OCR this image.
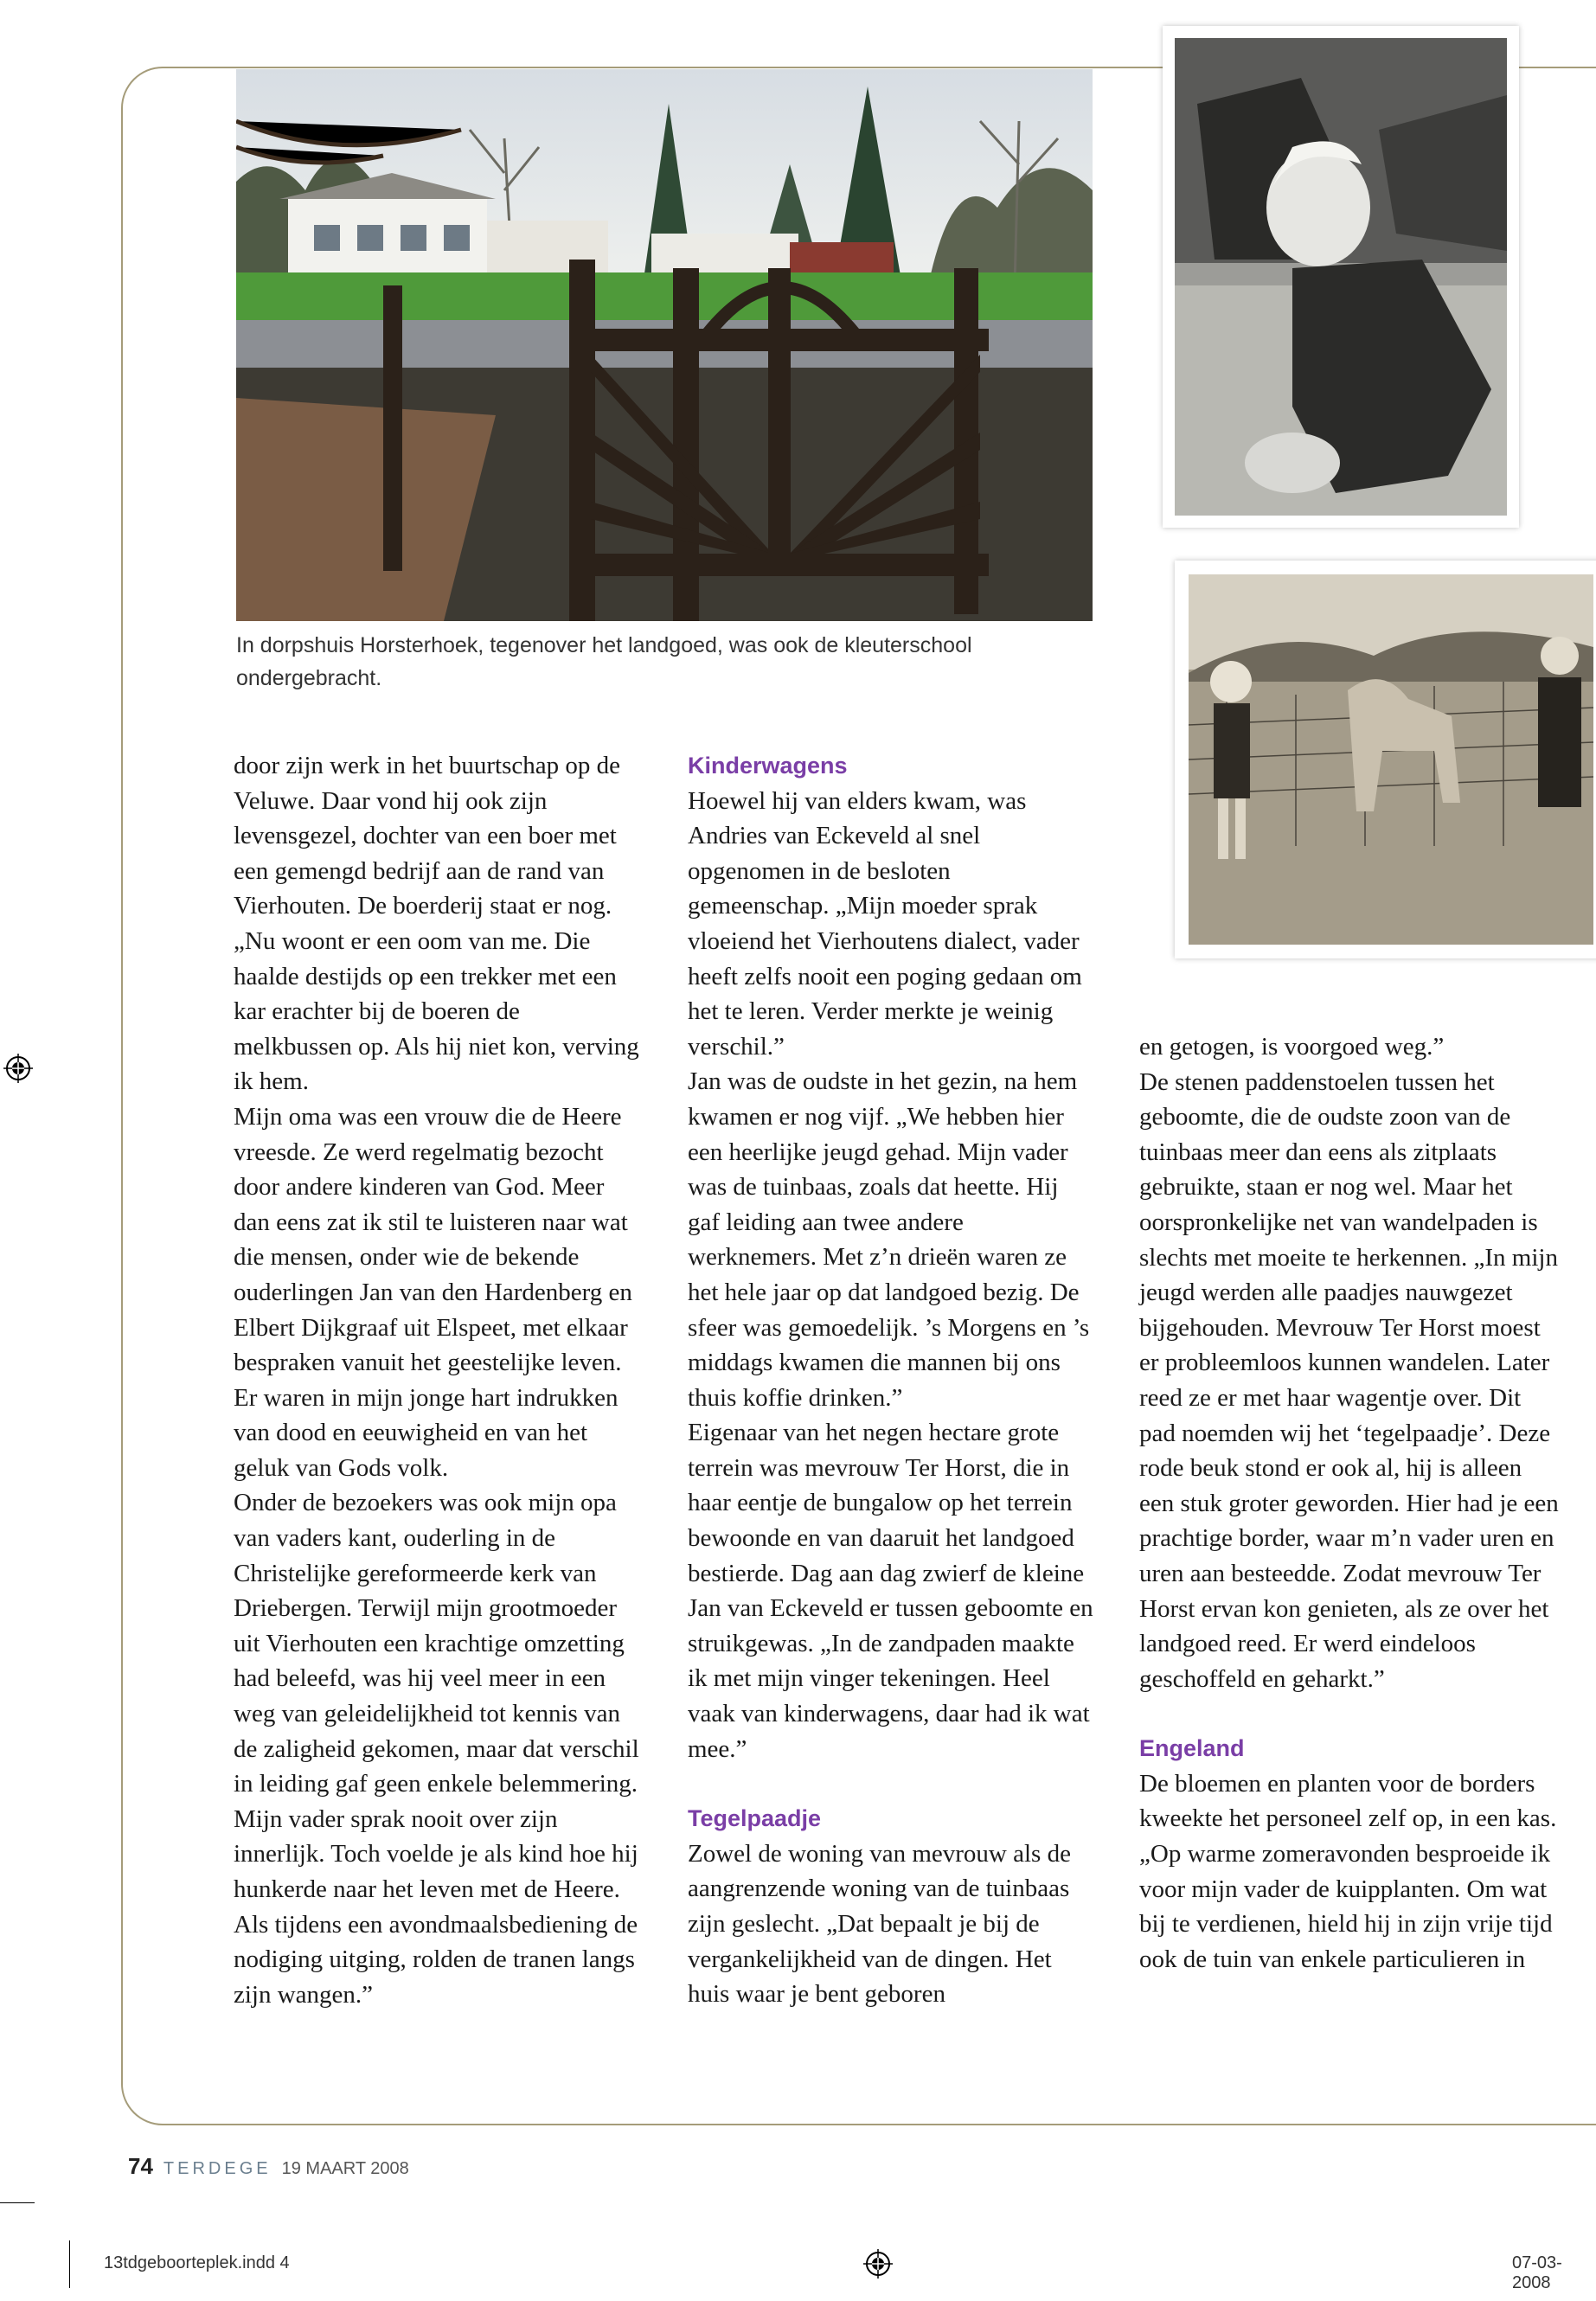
In dorpshuis Horsterhoek, tegenover het landgoed, was ook de kleuterschool ondergebracht.

door zijn werk in het buurtschap op de Veluwe. Daar vond hij ook zijn levensgezel, dochter van een boer met een gemengd bedrijf aan de rand van Vierhouten. De boerderij staat er nog. „Nu woont er een oom van me. Die haalde destijds op een trekker met een kar erachter bij de boeren de melkbussen op. Als hij niet kon, verving ik hem.

Mijn oma was een vrouw die de Heere vreesde. Ze werd regelmatig bezocht door andere kinderen van God. Meer dan eens zat ik stil te luisteren naar wat die mensen, onder wie de bekende ouderlingen Jan van den Hardenberg en Elbert Dijkgraaf uit Elspeet, met elkaar bespraken vanuit het geestelijke leven. Er waren in mijn jonge hart indrukken van dood en eeuwigheid en van het geluk van Gods volk.

Onder de bezoekers was ook mijn opa van vaders kant, ouderling in de Christelijke gereformeerde kerk van Driebergen. Terwijl mijn grootmoeder uit Vierhouten een krachtige omzetting had beleefd, was hij veel meer in een weg van geleidelijkheid tot kennis van de zaligheid gekomen, maar dat verschil in leiding gaf geen enkele belemmering. Mijn vader sprak nooit over zijn innerlijk. Toch voelde je als kind hoe hij hunkerde naar het leven met de Heere. Als tijdens een avondmaalsbediening de nodiging uitging, rolden de tranen langs zijn wangen.”

Kinderwagens

Hoewel hij van elders kwam, was Andries van Eckeveld al snel opgenomen in de besloten gemeenschap. „Mijn moeder sprak vloeiend het Vierhoutens dialect, vader heeft zelfs nooit een poging gedaan om het te leren. Verder merkte je weinig verschil.”

Jan was de oudste in het gezin, na hem kwamen er nog vijf. „We hebben hier een heerlijke jeugd gehad. Mijn vader was de tuinbaas, zoals dat heette. Hij gaf leiding aan twee andere werknemers. Met z’n drieën waren ze het hele jaar op dat landgoed bezig. De sfeer was gemoedelijk. ’s Morgens en ’s middags kwamen die mannen bij ons thuis koffie drinken.”

Eigenaar van het negen hectare grote terrein was mevrouw Ter Horst, die in haar eentje de bungalow op het terrein bewoonde en van daaruit het landgoed bestierde. Dag aan dag zwierf de kleine Jan van Eckeveld er tussen geboomte en struikgewas. „In de zandpaden maakte ik met mijn vinger tekeningen. Heel vaak van kinderwagens, daar had ik wat mee.”

Tegelpaadje

Zowel de woning van mevrouw als de aangrenzende woning van de tuinbaas zijn geslecht. „Dat bepaalt je bij de vergankelijkheid van de dingen. Het huis waar je bent geboren

en getogen, is voorgoed weg.”

De stenen paddenstoelen tussen het geboomte, die de oudste zoon van de tuinbaas meer dan eens als zitplaats gebruikte, staan er nog wel. Maar het oorspronkelijke net van wandelpaden is slechts met moeite te herkennen. „In mijn jeugd werden alle paadjes nauwgezet bijgehouden. Mevrouw Ter Horst moest er probleemloos kunnen wandelen. Later reed ze er met haar wagentje over. Dit pad noemden wij het ‘tegelpaadje’. Deze rode beuk stond er ook al, hij is alleen een stuk groter geworden. Hier had je een prachtige border, waar m’n vader uren en uren aan besteedde. Zodat mevrouw Ter Horst ervan kon genieten, als ze over het landgoed reed. Er werd eindeloos geschoffeld en geharkt.”

Engeland

De bloemen en planten voor de borders kweekte het personeel zelf op, in een kas. „Op warme zomeravonden besproeide ik voor mijn vader de kuipplanten. Om wat bij te verdienen, hield hij in zijn vrije tijd ook de tuin van enkele particulieren in

74 TERDEGE 19 MAART 2008
13tdgeboorteplek.indd 4	07-03-2008
